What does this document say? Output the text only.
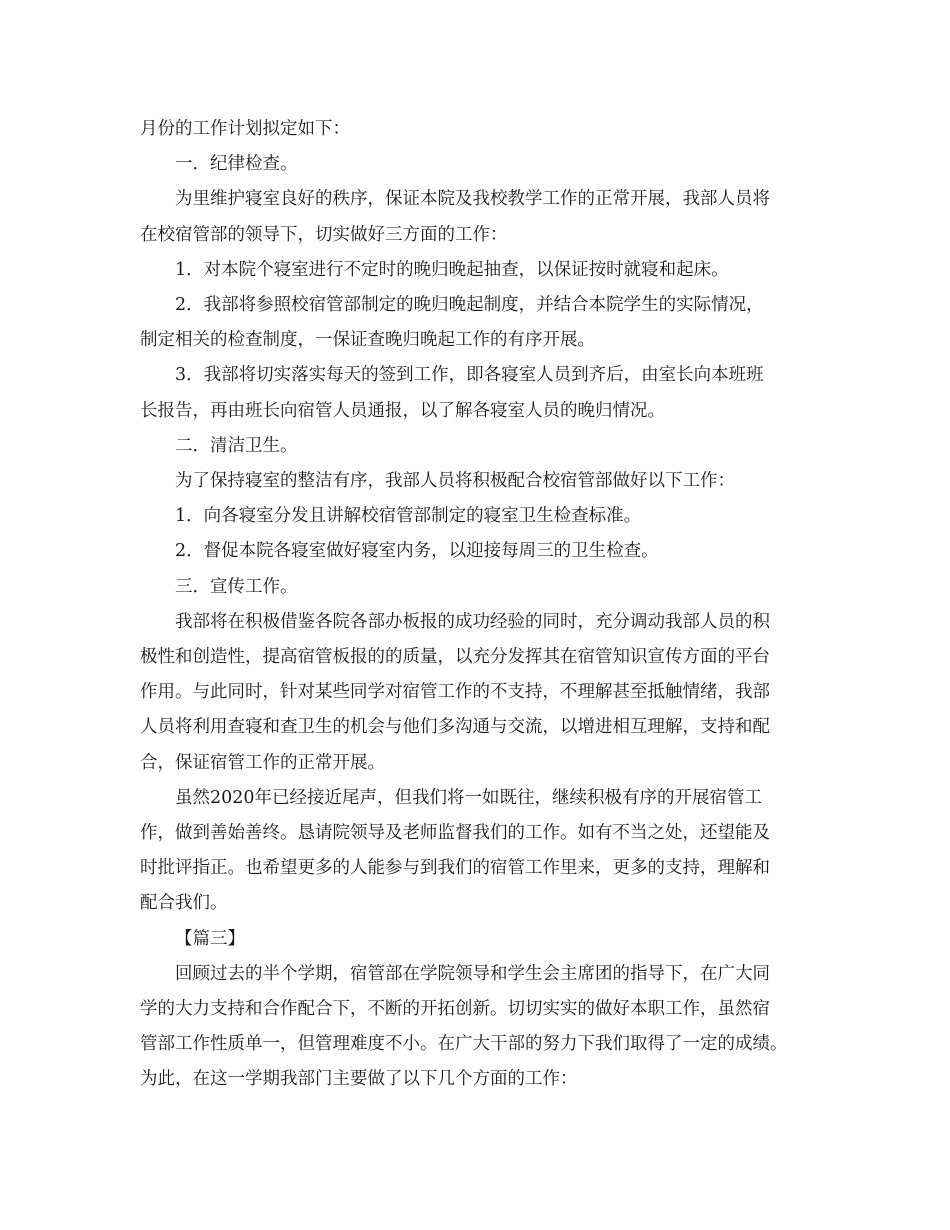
月份的工作计划拟定如下：
一．纪律检查。
为里维护寝室良好的秩序，保证本院及我校教学工作的正常开展，我部人员将
在校宿管部的领导下，切实做好三方面的工作：
1．对本院个寝室进行不定时的晚归晚起抽查，以保证按时就寝和起床。
2．我部将参照校宿管部制定的晚归晚起制度，并结合本院学生的实际情况，
制定相关的检查制度，一保证查晚归晚起工作的有序开展。
3．我部将切实落实每天的签到工作，即各寝室人员到齐后，由室长向本班班
长报告，再由班长向宿管人员通报，以了解各寝室人员的晚归情况。
二．清洁卫生。
为了保持寝室的整洁有序，我部人员将积极配合校宿管部做好以下工作：
1．向各寝室分发且讲解校宿管部制定的寝室卫生检查标准。
2．督促本院各寝室做好寝室内务，以迎接每周三的卫生检查。
三．宣传工作。
我部将在积极借鉴各院各部办板报的成功经验的同时，充分调动我部人员的积
极性和创造性，提高宿管板报的的质量，以充分发挥其在宿管知识宣传方面的平台
作用。与此同时，针对某些同学对宿管工作的不支持，不理解甚至抵触情绪，我部
人员将利用查寝和查卫生的机会与他们多沟通与交流，以增进相互理解，支持和配
合，保证宿管工作的正常开展。
虽然2020年已经接近尾声，但我们将一如既往，继续积极有序的开展宿管工
作，做到善始善终。恳请院领导及老师监督我们的工作。如有不当之处，还望能及
时批评指正。也希望更多的人能参与到我们的宿管工作里来，更多的支持，理解和
配合我们。
【篇三】
回顾过去的半个学期，宿管部在学院领导和学生会主席团的指导下，在广大同
学的大力支持和合作配合下，不断的开拓创新。切切实实的做好本职工作，虽然宿
管部工作性质单一，但管理难度不小。在广大干部的努力下我们取得了一定的成绩。
为此，在这一学期我部门主要做了以下几个方面的工作：
